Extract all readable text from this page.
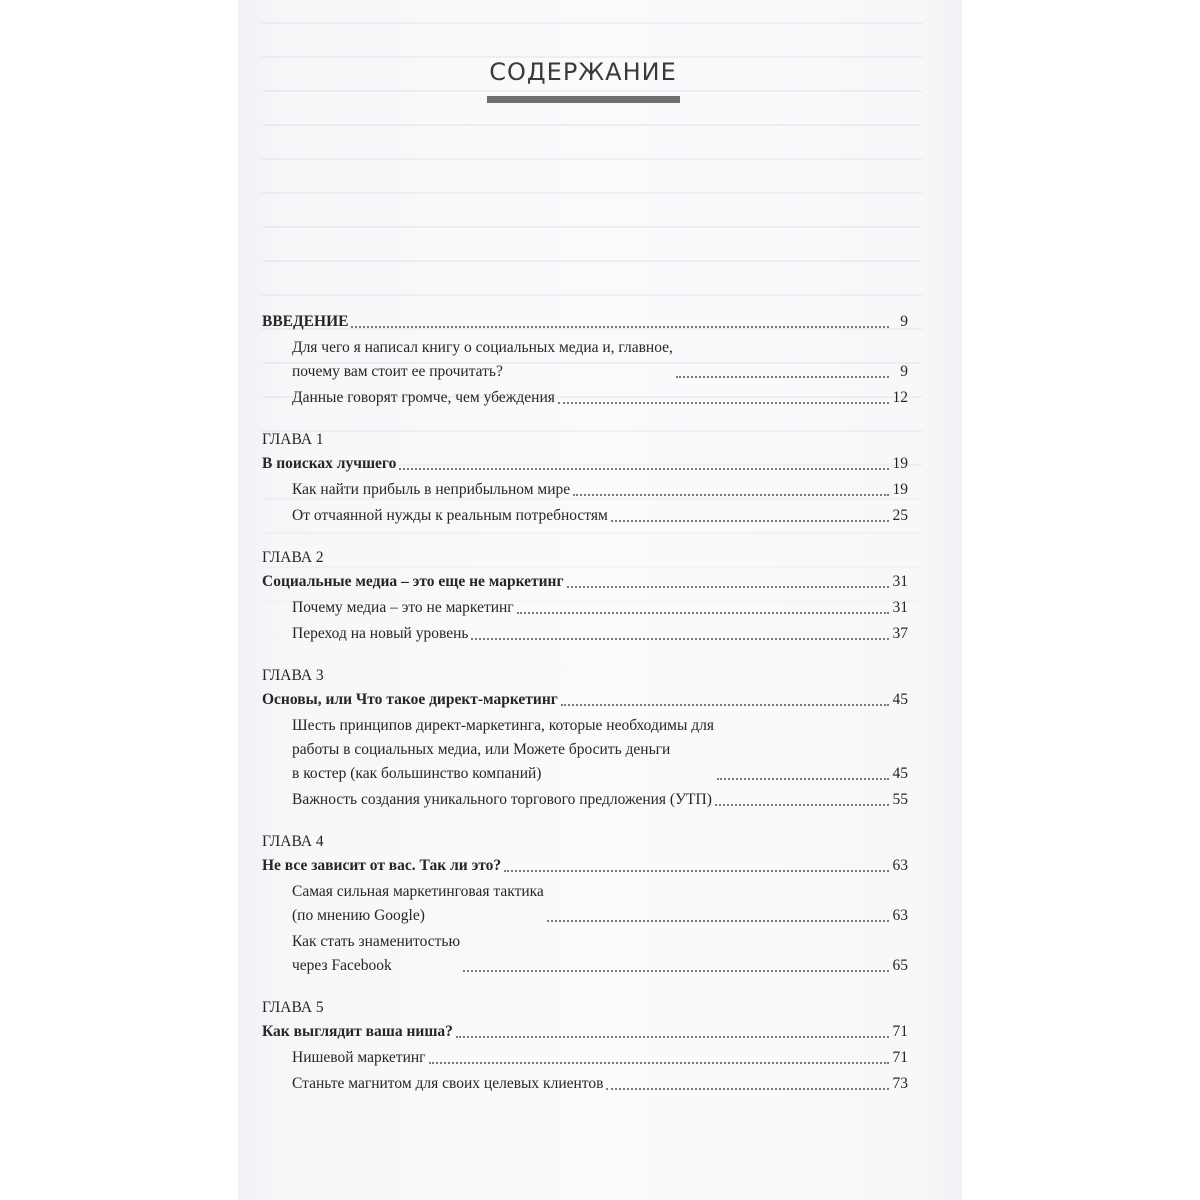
СОДЕРЖАНИЕ
ВВЕДЕНИЕ	9
Для чего я написал книгу о социальных медиа и, главное,
почему вам стоит ее прочитать?	9
Данные говорят громче, чем убеждения	12
ГЛАВА 1
В поисках лучшего	19
Как найти прибыль в неприбыльном мире	19
От отчаянной нужды к реальным потребностям	25
ГЛАВА 2
Социальные медиа – это еще не маркетинг	31
Почему медиа – это не маркетинг	31
Переход на новый уровень	37
ГЛАВА 3
Основы, или Что такое директ-маркетинг	45
Шесть принципов директ-маркетинга, которые необходимы для
работы в социальных медиа, или Можете бросить деньги
в костер (как большинство компаний)	45
Важность создания уникального торгового предложения (УТП)	55
ГЛАВА 4
Не все зависит от вас. Так ли это?	63
Самая сильная маркетинговая тактика
(по мнению Google)	63
Как стать знаменитостью
через Facebook	65
ГЛАВА 5
Как выглядит ваша ниша?	71
Нишевой маркетинг	71
Станьте магнитом для своих целевых клиентов	73
